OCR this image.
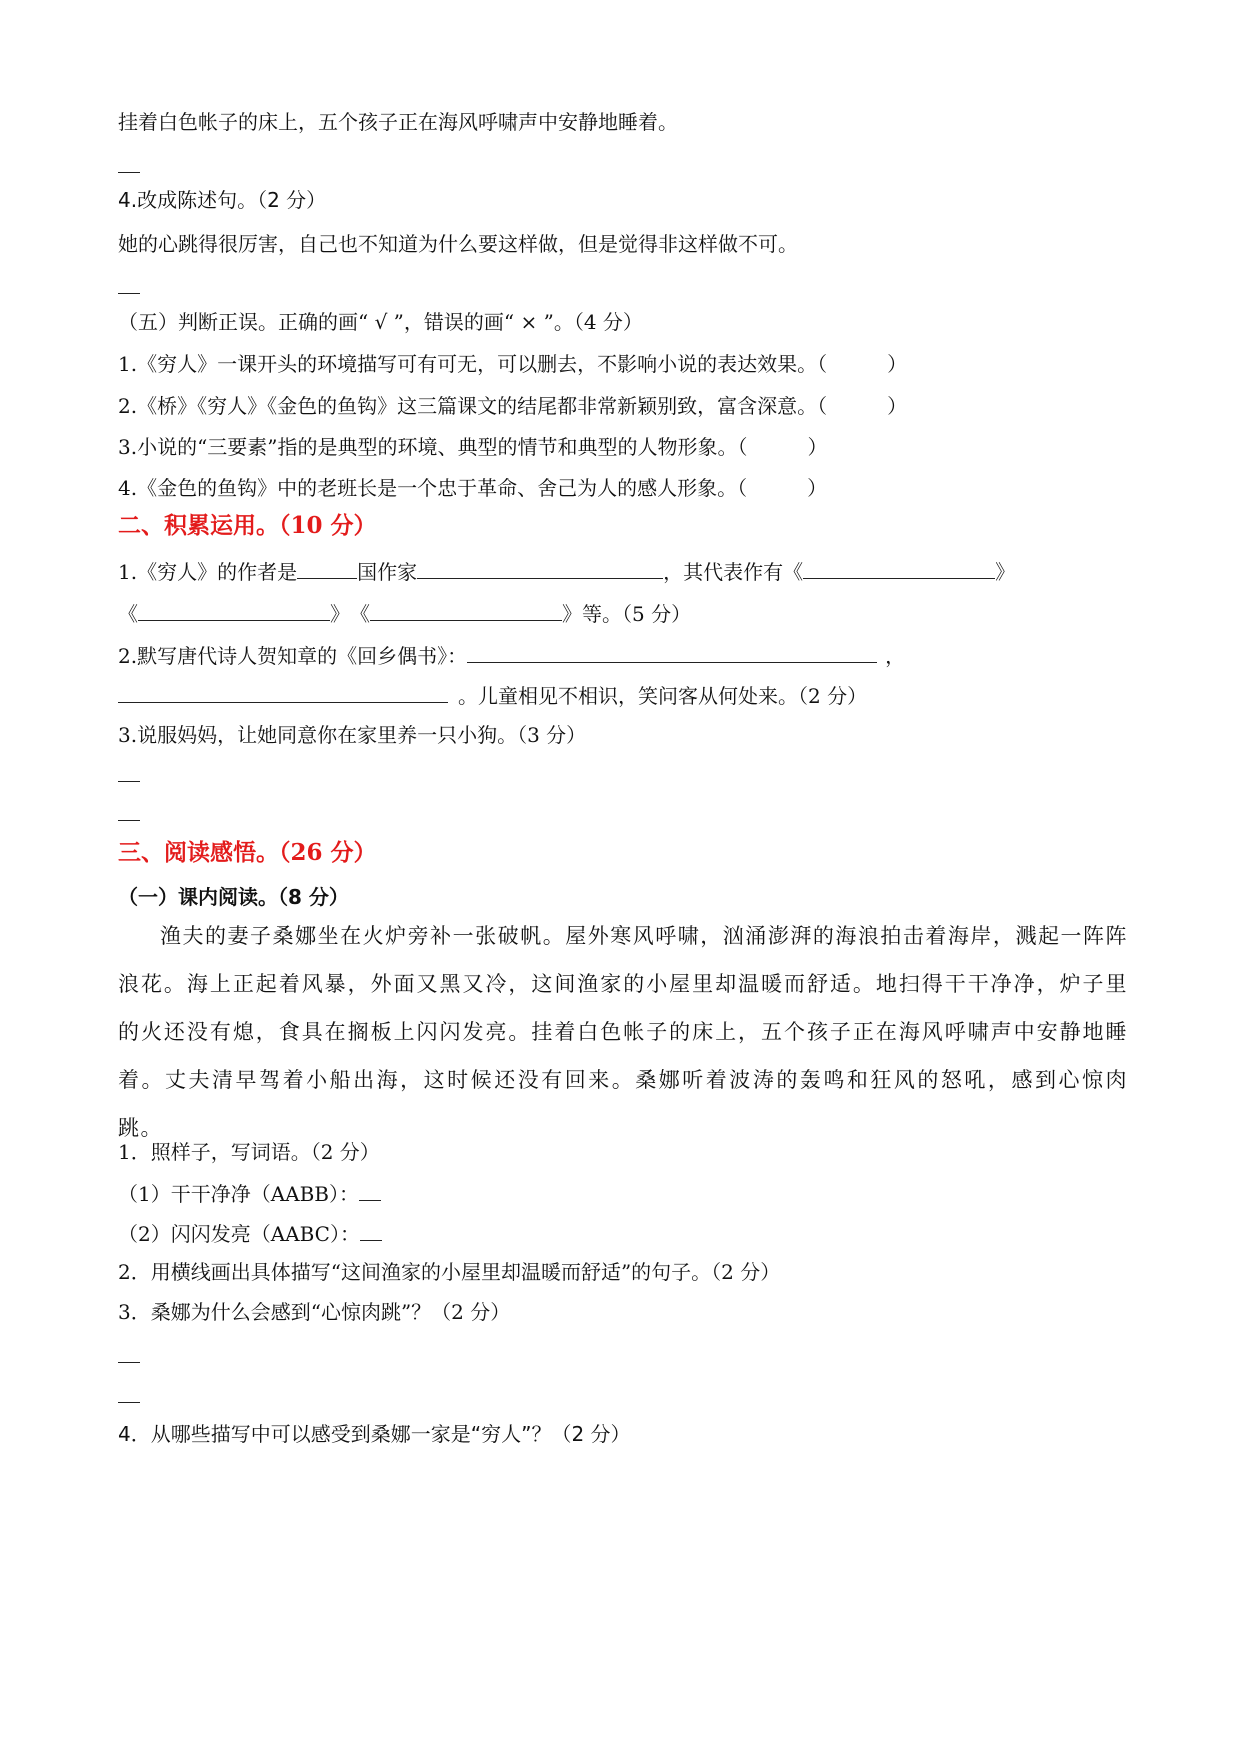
挂着白色帐子的床上，五个孩子正在海风呼啸声中安静地睡着。
4.改成陈述句。（2 分）
她的心跳得很厉害，自己也不知道为什么要这样做，但是觉得非这样做不可。
（五）判断正误。正确的画“ √ ”，错误的画“ × ”。（4 分）
1.《穷人》一课开头的环境描写可有可无，可以删去，不影响小说的表达效果。（　　　）
2.《桥》《穷人》《金色的鱼钩》这三篇课文的结尾都非常新颖别致，富含深意。（　　　）
3.小说的“三要素”指的是典型的环境、典型的情节和典型的人物形象。（　　　）
4.《金色的鱼钩》中的老班长是一个忠于革命、舍己为人的感人形象。（　　　）
二、积累运用。（10 分）
1.《穷人》的作者是	国作家	，其代表作有《	》
《	》　《	》等。（5 分）
2.默写唐代诗人贺知章的《回乡偶书》：	，
。儿童相见不相识，笑问客从何处来。（2 分）
3.说服妈妈，让她同意你在家里养一只小狗。（3 分）
三、阅读感悟。（26 分）
（一）课内阅读。（8 分）
渔夫的妻子桑娜坐在火炉旁补一张破帆。屋外寒风呼啸，汹涌澎湃的海浪拍击着海岸，溅起一阵阵浪花。海上正起着风暴，外面又黑又冷，这间渔家的小屋里却温暖而舒适。地扫得干干净净，炉子里的火还没有熄，食具在搁板上闪闪发亮。挂着白色帐子的床上，五个孩子正在海风呼啸声中安静地睡着。丈夫清早驾着小船出海，这时候还没有回来。桑娜听着波涛的轰鸣和狂风的怒吼，感到心惊肉跳。
1．照样子，写词语。（2 分）
（1）干干净净（AABB）：
（2）闪闪发亮（AABC）：
2．用横线画出具体描写“这间渔家的小屋里却温暖而舒适”的句子。（2 分）
3．桑娜为什么会感到“心惊肉跳”？（2 分）
4．从哪些描写中可以感受到桑娜一家是“穷人”？（2 分）
